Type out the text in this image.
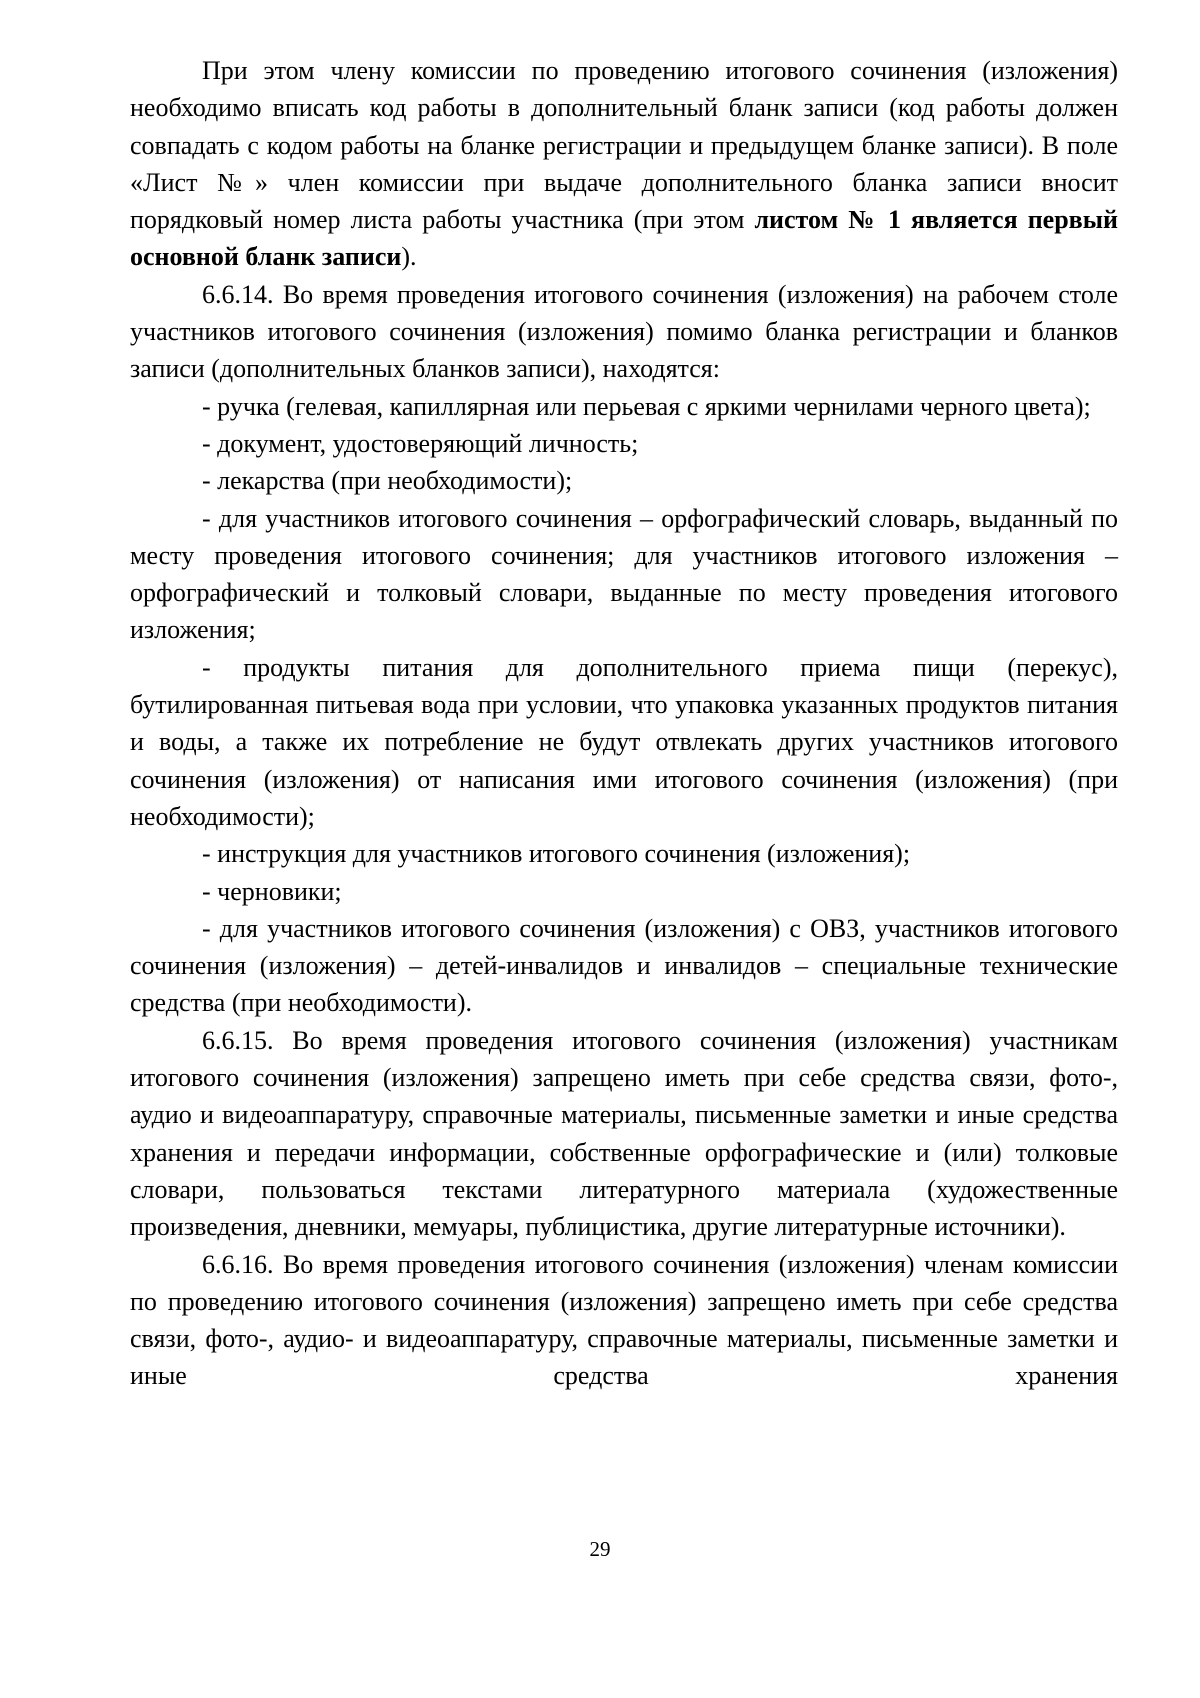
При этом члену комиссии по проведению итогового сочинения (изложения) необходимо вписать код работы в дополнительный бланк записи (код работы должен совпадать с кодом работы на бланке регистрации и предыдущем бланке записи). В поле «Лист №» член комиссии при выдаче дополнительного бланка записи вносит порядковый номер листа работы участника (при этом листом № 1 является первый основной бланк записи).

6.6.14. Во время проведения итогового сочинения (изложения) на рабочем столе участников итогового сочинения (изложения) помимо бланка регистрации и бланков записи (дополнительных бланков записи), находятся:

- ручка (гелевая, капиллярная или перьевая с яркими чернилами черного цвета);

- документ, удостоверяющий личность;

- лекарства (при необходимости);

- для участников итогового сочинения – орфографический словарь, выданный по месту проведения итогового сочинения; для участников итогового изложения – орфографический и толковый словари, выданные по месту проведения итогового изложения;

- продукты питания для дополнительного приема пищи (перекус), бутилированная питьевая вода при условии, что упаковка указанных продуктов питания и воды, а также их потребление не будут отвлекать других участников итогового сочинения (изложения) от написания ими итогового сочинения (изложения) (при необходимости);

- инструкция для участников итогового сочинения (изложения);

- черновики;

- для участников итогового сочинения (изложения) с ОВЗ, участников итогового сочинения (изложения) – детей-инвалидов и инвалидов – специальные технические средства (при необходимости).

6.6.15. Во время проведения итогового сочинения (изложения) участникам итогового сочинения (изложения) запрещено иметь при себе средства связи, фото-, аудио и видеоаппаратуру, справочные материалы, письменные заметки и иные средства хранения и передачи информации, собственные орфографические и (или) толковые словари, пользоваться текстами литературного материала (художественные произведения, дневники, мемуары, публицистика, другие литературные источники).

6.6.16. Во время проведения итогового сочинения (изложения) членам комиссии по проведению итогового сочинения (изложения) запрещено иметь при себе средства связи, фото-, аудио- и видеоаппаратуру, справочные материалы, письменные заметки и иные средства хранения

29
